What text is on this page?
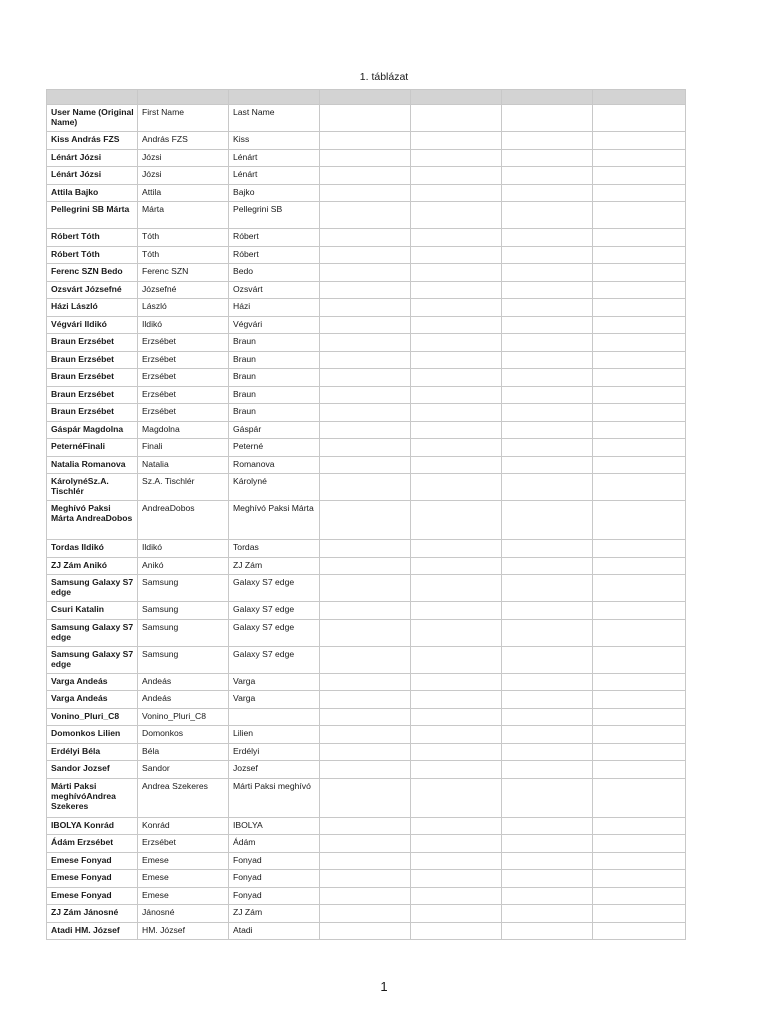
1. táblázat

User Name (Original Name)	First Name	Last Name				
Kiss András FZS	András FZS	Kiss				
Lénárt Józsi	Józsi	Lénárt				
Lénárt Józsi	Józsi	Lénárt				
Attila Bajko	Attila	Bajko				
Pellegrini SB Márta	Márta	Pellegrini SB				
Róbert Tóth	Tóth	Róbert				
Róbert Tóth	Tóth	Róbert				
Ferenc SZN Bedo	Ferenc SZN	Bedo				
Ozsvárt Józsefné	Józsefné	Ozsvárt				
Házi László	László	Házi				
Végvári Ildikó	Ildikó	Végvári				
Braun Erzsébet	Erzsébet	Braun				
Braun Erzsébet	Erzsébet	Braun				
Braun Erzsébet	Erzsébet	Braun				
Braun Erzsébet	Erzsébet	Braun				
Braun Erzsébet	Erzsébet	Braun				
Gáspár Magdolna	Magdolna	Gáspár				
PeternéFinali	Finali	Peterné				
Natalia Romanova	Natalia	Romanova				
KárolynéSz.A. Tischlér	Sz.A. Tischlér	Károlyné				
Meghívó Paksi Márta AndreaDobos	AndreaDobos	Meghívó Paksi Márta				
Tordas Ildikó	Ildikó	Tordas				
ZJ Zám Anikó	Anikó	ZJ Zám				
Samsung Galaxy S7 edge	Samsung	Galaxy S7 edge				
Csuri Katalin	Samsung	Galaxy S7 edge				
Samsung Galaxy S7 edge	Samsung	Galaxy S7 edge				
Samsung Galaxy S7 edge	Samsung	Galaxy S7 edge				
Varga Andeás	Andeás	Varga				
Varga Andeás	Andeás	Varga				
Vonino_Pluri_C8	Vonino_Pluri_C8					
Domonkos Lilien	Domonkos	Lilien				
Erdélyi Béla	Béla	Erdélyi				
Sandor Jozsef	Sandor	Jozsef				
Márti Paksi meghívóAndrea Szekeres	Andrea Szekeres	Márti Paksi meghívó				
IBOLYA Konrád	Konrád	IBOLYA				
Ádám Erzsébet	Erzsébet	Ádám				
Emese Fonyad	Emese	Fonyad				
Emese Fonyad	Emese	Fonyad				
Emese Fonyad	Emese	Fonyad				
ZJ Zám Jánosné	Jánosné	ZJ Zám				
Atadi HM. József	HM. József	Atadi				
1
